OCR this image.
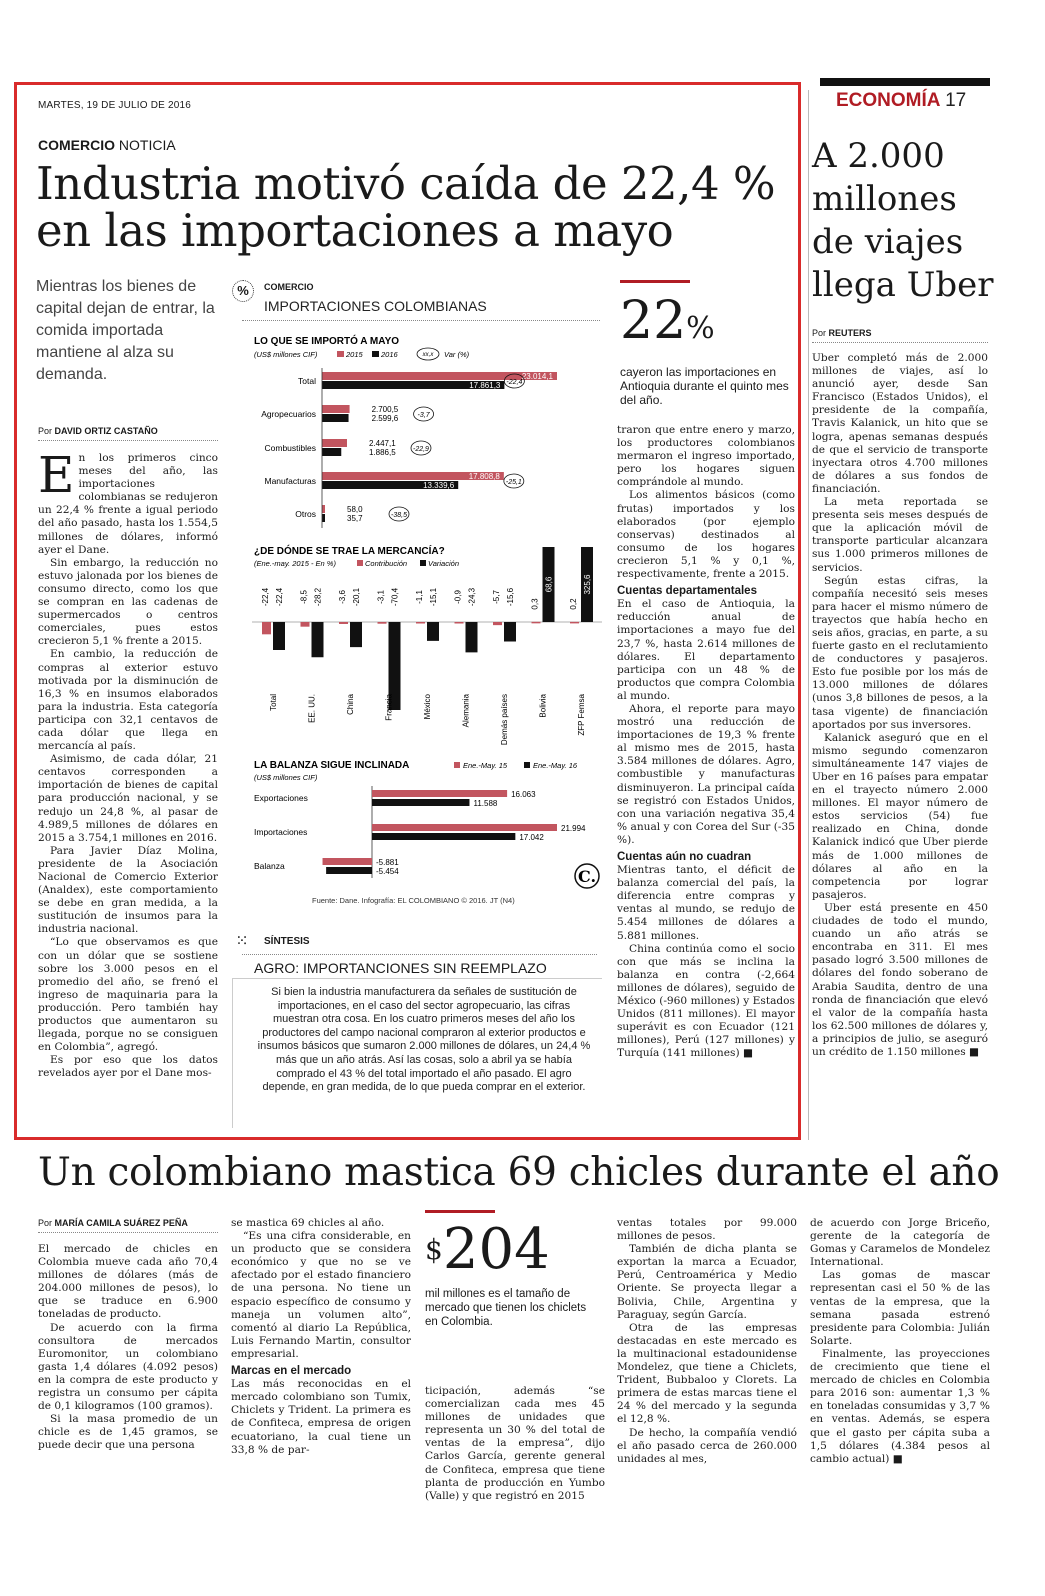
MARTES, 19 DE JULIO DE 2016	ECONOMÍA 17
COMERCIO NOTICIA
Industria motivó caída de 22,4 % en las importaciones a mayo
Mientras los bienes de capital dejan de entrar, la comida importada mantiene al alza su demanda.
Por DAVID ORTIZ CASTAÑO

En los primeros cinco meses del año, las importaciones colombianas se redujeron un 22,4 % frente a igual periodo del año pasado, hasta los 1.554,5 millones de dólares, informó ayer el Dane.

Sin embargo, la reducción no estuvo jalonada por los bienes de consumo directo, como los que se compran en las cadenas de supermercados o centros comerciales, pues estos crecieron 5,1 % frente a 2015.

En cambio, la reducción de compras al exterior estuvo motivada por la disminución de 16,3 % en insumos elaborados para la industria. Esta categoría participa con 32,1 centavos de cada dólar que llega en mercancía al país.

Asimismo, de cada dólar, 21 centavos corresponden a importación de bienes de capital para producción nacional, y se redujo un 24,8 %, al pasar de 4.989,5 millones de dólares en 2015 a 3.754,1 millones en 2016.

Para Javier Díaz Molina, presidente de la Asociación Nacional de Comercio Exterior (Analdex), este comportamiento se debe en gran medida, a la sustitución de insumos para la industria nacional.

“Lo que observamos es que con un dólar que se sostiene sobre los 3.000 pesos en el promedio del año, se frenó el ingreso de maquinaria para la producción. Pero también hay productos que aumentaron su llegada, porque no se consiguen en Colombia”, agregó.

Es por eso que los datos revelados ayer por el Dane mos-

%	COMERCIO
IMPORTACIONES COLOMBIANAS
LO QUE SE IMPORTÓ A MAYO
(US$ millones CIF)	2015 2016	xx,x Var (%)
Total	23.014,1
17.861,3 -22,4
Agropecuarios	2.700,5
2.599,6	-3,7
Combustibles	2.447,1
1.886,5 -22,9
Manufacturas	17.808,8
13.339,6	-25,1
Otros	58,0
35,7	-38,5
¿DE DÓNDE SE TRAE LA MERCANCÍA?
(Ene.-may. 2015 - En %)	Contribución	Variación
-22,4 -22,4
Total
-8,5 -28,2
EE. UU.
-3,6 -20,1
China
-3,1 -70,4
Francia
-1,1 -15,1
México
-0,9 -24,3
Alemania
-5,7 -15,6
Demás países
0,3
68,6
Bolivia
0,2
325,6
ZFP Femsa
LA BALANZA SIGUE INCLINADA
(US$ millones CIF)
Ene.-May. 15	Ene.-May. 16
Exportaciones	16.063
11.588
Importaciones	21.994
17.042
Balanza	-5.881
-5.454	C.
Fuente: Dane. Infografía: EL COLOMBIANO © 2016. JT (N4)
22%
cayeron las importaciones en Antioquia durante el quinto mes del año.

traron que entre enero y marzo, los productores colombianos mermaron el ingreso importado, pero los hogares siguen comprándole al mundo.

Los alimentos básicos (como frutas) importados y los elaborados (por ejemplo conservas) destinados al consumo de los hogares crecieron 5,1 % y 0,1 %, respectivamente, frente a 2015.

Cuentas departamentales

En el caso de Antioquia, la reducción anual de importaciones a mayo fue del 23,7 %, hasta 2.614 millones de dólares. El departamento participa con un 48 % de productos que compra Colombia al mundo.

Ahora, el reporte para mayo mostró una reducción de importaciones de 19,3 % frente al mismo mes de 2015, hasta 3.584 millones de dólares. Agro, combustible y manufacturas disminuyeron. La principal caída se registró con Estados Unidos, con una variación negativa 35,4 % anual y con Corea del Sur (-35 %).

Cuentas aún no cuadran

Mientras tanto, el déficit de balanza comercial del país, la diferencia entre compras y ventas al mundo, se redujo de 5.454 millones de dólares a 5.881 millones.

China continúa como el socio con que más se inclina la balanza en contra (-2,664 millones de dólares), seguido de México (-960 millones) y Estados Unidos (811 millones). El mayor superávit es con Ecuador (121 millones), Perú (127 millones) y Turquía (141 millones) ■

⁙	SÍNTESIS
AGRO: IMPORTANCIONES SIN REEMPLAZO
Si bien la industria manufacturera da señales de sustitución de importaciones, en el caso del sector agropecuario, las cifras muestran otra cosa. En los cuatro primeros meses del año los productores del campo nacional compraron al exterior productos e insumos básicos que sumaron 2.000 millones de dólares, un 24,4 % más que un año atrás. Así las cosas, solo a abril ya se había comprado el 43 % del total importado el año pasado. El agro depende, en gran medida, de lo que pueda comprar en el exterior.
A 2.000 millones de viajes llega Uber
Por REUTERS

Uber completó más de 2.000 millones de viajes, así lo anunció ayer, desde San Francisco (Estados Unidos), el presidente de la compañía, Travis Kalanick, un hito que se logra, apenas semanas después de que el servicio de transporte inyectara otros 4.700 millones de dólares a sus fondos de financiación.

La meta reportada se presenta seis meses después de que la aplicación móvil de transporte particular alcanzara sus 1.000 primeros millones de servicios.

Según estas cifras, la compañía necesitó seis meses para hacer el mismo número de trayectos que había hecho en seis años, gracias, en parte, a su fuerte gasto en el reclutamiento de conductores y pasajeros. Esto fue posible por los más de 13.000 millones de dólares (unos 3,8 billones de pesos, a la tasa vigente) de financiación aportados por sus inversores.

Kalanick aseguró que en el mismo segundo comenzaron simultáneamente 147 viajes de Uber en 16 países para empatar en el trayecto número 2.000 millones. El mayor número de estos servicios (54) fue realizado en China, donde Kalanick indicó que Uber pierde más de 1.000 millones de dólares al año en la competencia por lograr pasajeros.

Uber está presente en 450 ciudades de todo el mundo, cuando un año atrás se encontraba en 311. El mes pasado logró 3.500 millones de dólares del fondo soberano de Arabia Saudita, dentro de una ronda de financiación que elevó el valor de la compañía hasta los 62.500 millones de dólares y, a principios de julio, se aseguró un crédito de 1.150 millones ■

Un colombiano mastica 69 chicles durante el año
Por MARÍA CAMILA SUÁREZ PEÑA

El mercado de chicles en Colombia mueve cada año 70,4 millones de dólares (más de 204.000 millones de pesos), lo que se traduce en 6.900 toneladas de producto.

De acuerdo con la firma consultora de mercados Euromonitor, un colombiano gasta 1,4 dólares (4.092 pesos) en la compra de este producto y registra un consumo per cápita de 0,1 kilogramos (100 gramos).

Si la masa promedio de un chicle es de 1,45 gramos, se puede decir que una persona

se mastica 69 chicles al año.

“Es una cifra considerable, en un producto que se considera económico y que no se ve afectado por el estado financiero de una persona. No tiene un espacio específico de consumo y maneja un volumen alto”, comentó al diario La República, Luis Fernando Martin, consultor empresarial.

Marcas en el mercado

Las más reconocidas en el mercado colombiano son Tumix, Chiclets y Trident. La primera es de Confiteca, empresa de origen ecuatoriano, la cual tiene un 33,8 % de par-

$204
mil millones es el tamaño de mercado que tienen los chiclets en Colombia.

ticipación, además “se comercializan cada mes 45 millones de unidades que representa un 30 % del total de ventas de la empresa”, dijo Carlos García, gerente general de Confiteca, empresa que tiene planta de producción en Yumbo (Valle) y que registró en 2015

ventas totales por 99.000 millones de pesos.

También de dicha planta se exportan la marca a Ecuador, Perú, Centroamérica y Medio Oriente. Se proyecta llegar a Bolivia, Chile, Argentina y Paraguay, según García.

Otra de las empresas destacadas en este mercado es la multinacional estadounidense Mondelez, que tiene a Chiclets, Trident, Bubbaloo y Clorets. La primera de estas marcas tiene el 24 % del mercado y la segunda el 12,8 %.

De hecho, la compañía vendió el año pasado cerca de 260.000 unidades al mes,

de acuerdo con Jorge Briceño, gerente de la categoría de Gomas y Caramelos de Mondelez International.

Las gomas de mascar representan casi el 50 % de las ventas de la empresa, que la semana pasada estrenó presidente para Colombia: Julián Solarte.

Finalmente, las proyecciones de crecimiento que tiene el mercado de chicles en Colombia para 2016 son: aumentar 1,3 % en toneladas consumidas y 3,7 % en ventas. Además, se espera que el gasto per cápita suba a 1,5 dólares (4.384 pesos al cambio actual) ■
